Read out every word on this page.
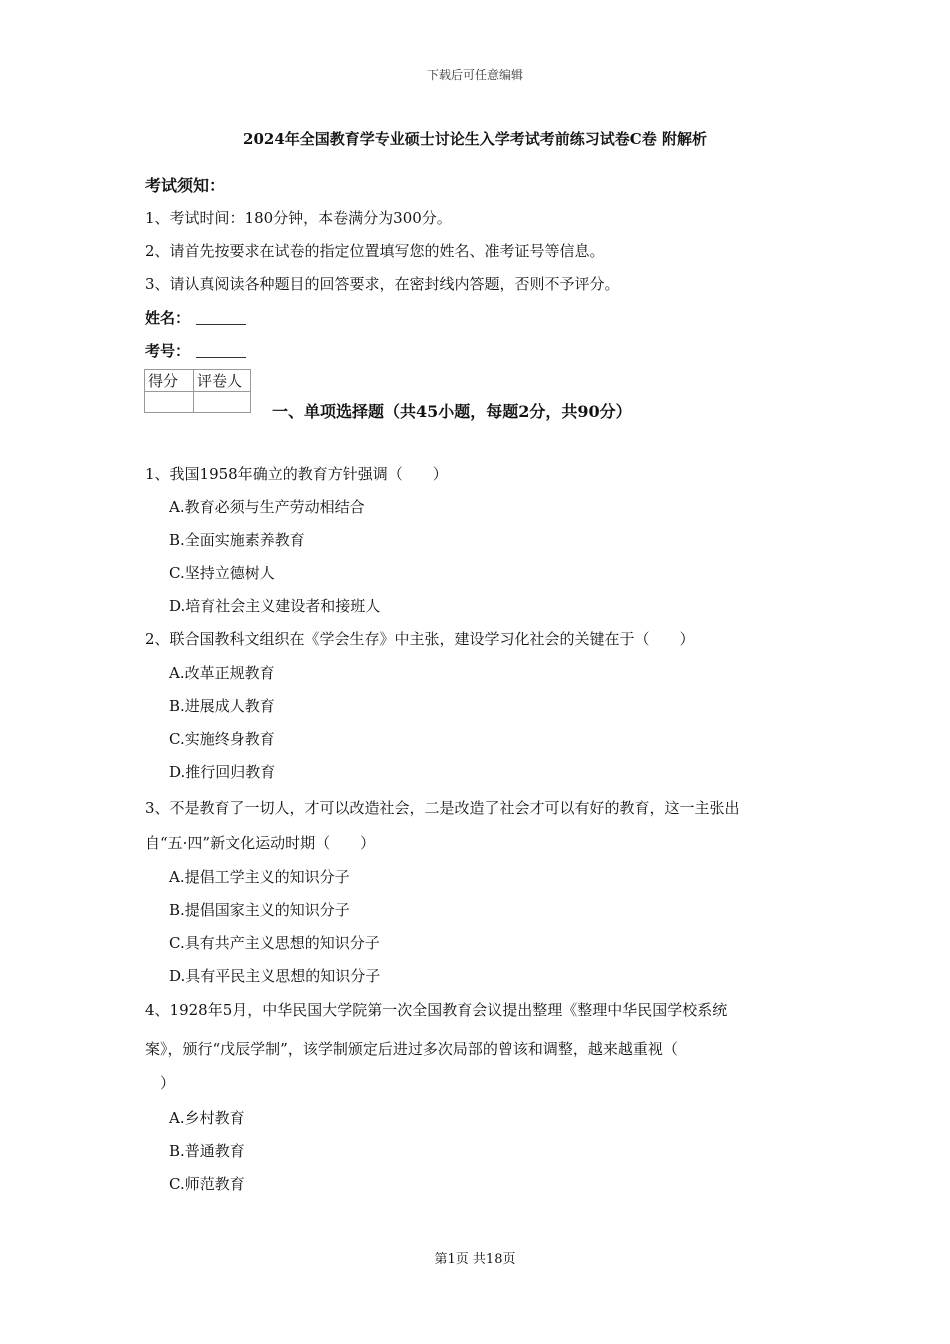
下载后可任意编辑
2024年全国教育学专业硕士讨论生入学考试考前练习试卷C卷 附解析
考试须知：
1、考试时间：180分钟，本卷满分为300分。
2、请首先按要求在试卷的指定位置填写您的姓名、准考证号等信息。
3、请认真阅读各种题目的回答要求，在密封线内答题，否则不予评分。
姓名：
考号：
得分	评卷人

一、单项选择题（共45小题，每题2分，共90分）
1、我国1958年确立的教育方针强调（　　）
A.教育必须与生产劳动相结合
B.全面实施素养教育
C.坚持立德树人
D.培育社会主义建设者和接班人
2、联合国教科文组织在《学会生存》中主张，建设学习化社会的关键在于（　　）
A.改革正规教育
B.进展成人教育
C.实施终身教育
D.推行回归教育
3、不是教育了一切人，才可以改造社会，二是改造了社会才可以有好的教育，这一主张出
自“五·四”新文化运动时期（　　）
A.提倡工学主义的知识分子
B.提倡国家主义的知识分子
C.具有共产主义思想的知识分子
D.具有平民主义思想的知识分子
4、1928年5月，中华民国大学院第一次全国教育会议提出整理《整理中华民国学校系统
案》，颁行“戊辰学制”，该学制颁定后进过多次局部的曾该和调整，越来越重视（
　）
A.乡村教育
B.普通教育
C.师范教育
第1页 共18页
